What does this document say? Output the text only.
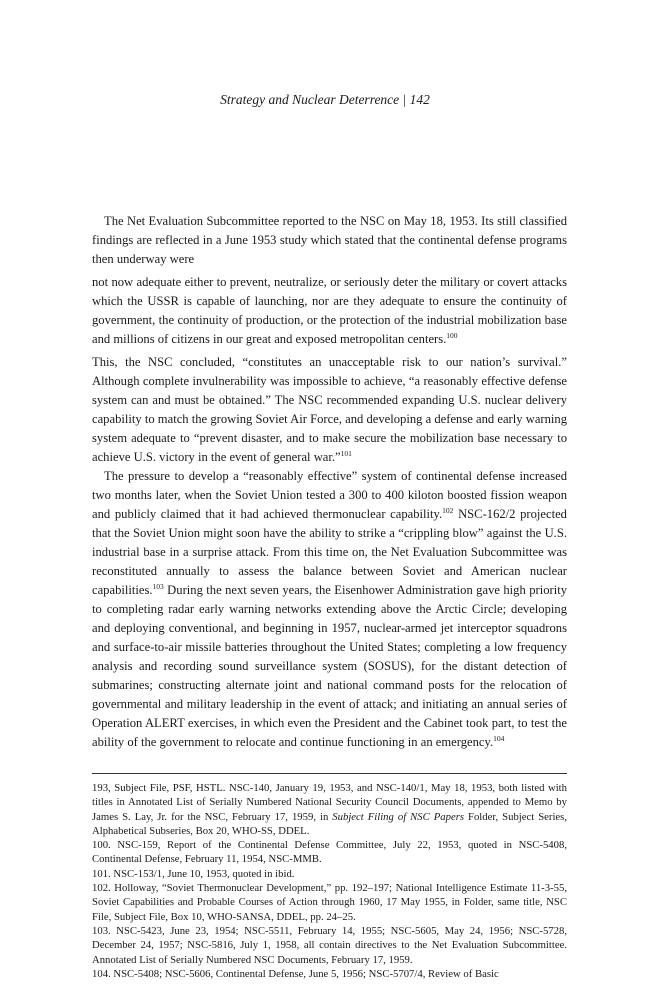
Strategy and Nuclear Deterrence | 142

The Net Evaluation Subcommittee reported to the NSC on May 18, 1953. Its still classified findings are reflected in a June 1953 study which stated that the continental defense programs then underway were

not now adequate either to prevent, neutralize, or seriously deter the military or covert attacks which the USSR is capable of launching, nor are they adequate to ensure the continuity of government, the continuity of production, or the protection of the industrial mobilization base and millions of citizens in our great and exposed metropolitan centers.$^{100}$

This, the NSC concluded, “constitutes an unacceptable risk to our nation’s survival.” Although complete invulnerability was impossible to achieve, “a reasonably effective defense system can and must be obtained.” The NSC recommended expanding U.S. nuclear delivery capability to match the growing Soviet Air Force, and developing a defense and early warning system adequate to “prevent disaster, and to make secure the mobilization base necessary to achieve U.S. victory in the event of general war.”$^{101}$

The pressure to develop a “reasonably effective” system of continental defense increased two months later, when the Soviet Union tested a 300 to 400 kiloton boosted fission weapon and publicly claimed that it had achieved thermonuclear capability.$^{102}$ NSC-162/2 projected that the Soviet Union might soon have the ability to strike a “crippling blow” against the U.S. industrial base in a surprise attack. From this time on, the Net Evaluation Subcommittee was reconstituted annually to assess the balance between Soviet and American nuclear capabilities.$^{103}$ During the next seven years, the Eisenhower Administration gave high priority to completing radar early warning networks extending above the Arctic Circle; developing and deploying conventional, and beginning in 1957, nuclear-armed jet interceptor squadrons and surface-to-air missile batteries throughout the United States; completing a low frequency analysis and recording sound surveillance system (SOSUS), for the distant detection of submarines; constructing alternate joint and national command posts for the relocation of governmental and military leadership in the event of attack; and initiating an annual series of Operation ALERT exercises, in which even the President and the Cabinet took part, to test the ability of the government to relocate and continue functioning in an emergency.$^{104}$

193, Subject File, PSF, HSTL. NSC-140, January 19, 1953, and NSC-140/1, May 18, 1953, both listed with titles in Annotated List of Serially Numbered National Security Council Documents, appended to Memo by James S. Lay, Jr. for the NSC, February 17, 1959, in Subject Filing of NSC Papers Folder, Subject Series, Alphabetical Subseries, Box 20, WHO-SS, DDEL.

100. NSC-159, Report of the Continental Defense Committee, July 22, 1953, quoted in NSC-5408, Continental Defense, February 11, 1954, NSC-MMB.

101. NSC-153/1, June 10, 1953, quoted in ibid.

102. Holloway, “Soviet Thermonuclear Development,” pp. 192–197; National Intelligence Estimate 11-3-55, Soviet Capabilities and Probable Courses of Action through 1960, 17 May 1955, in Folder, same title, NSC File, Subject File, Box 10, WHO-SANSA, DDEL, pp. 24–25.

103. NSC-5423, June 23, 1954; NSC-5511, February 14, 1955; NSC-5605, May 24, 1956; NSC-5728, December 24, 1957; NSC-5816, July 1, 1958, all contain directives to the Net Evaluation Subcommittee. Annotated List of Serially Numbered NSC Documents, February 17, 1959.

104. NSC-5408; NSC-5606, Continental Defense, June 5, 1956; NSC-5707/4, Review of Basic
